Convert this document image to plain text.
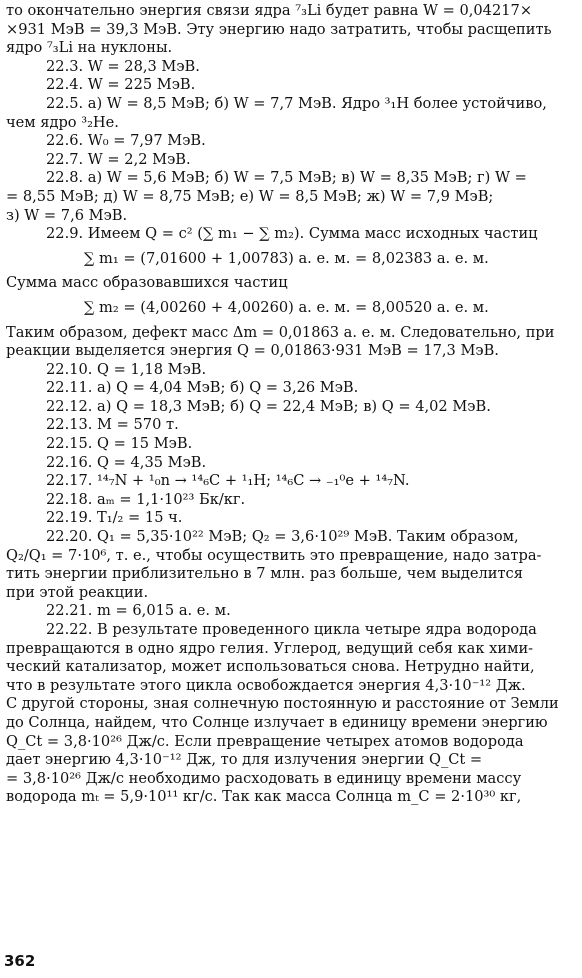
то окончательно энергия связи ядра ⁷₃Li будет равна W = 0,04217×
×931 МэВ = 39,3 МэВ. Эту энергию надо затратить, чтобы расщепить
ядро ⁷₃Li на нуклоны.
22.3. W = 28,3 МэВ.
22.4. W = 225 МэВ.
22.5. а) W = 8,5 МэВ; б) W = 7,7 МэВ. Ядро ³₁H более устойчиво,
чем ядро ³₂He.
22.6. W₀ = 7,97 МэВ.
22.7. W = 2,2 МэВ.
22.8. а) W = 5,6 МэВ; б) W = 7,5 МэВ; в) W = 8,35 МэВ; г) W =
= 8,55 МэВ; д) W = 8,75 МэВ; е) W = 8,5 МэВ; ж) W = 7,9 МэВ;
з) W = 7,6 МэВ.
22.9. Имеем Q = c² (∑ m₁ − ∑ m₂). Сумма масс исходных частиц
∑ m₁ = (7,01600 + 1,00783) а. е. м. = 8,02383 а. е. м.
Сумма масс образовавшихся частиц
∑ m₂ = (4,00260 + 4,00260) а. е. м. = 8,00520 а. е. м.
Таким образом, дефект масс Δm = 0,01863 а. е. м. Следовательно, при
реакции выделяется энергия Q = 0,01863·931 МэВ = 17,3 МэВ.
22.10. Q = 1,18 МэВ.
22.11. а) Q = 4,04 МэВ; б) Q = 3,26 МэВ.
22.12. а) Q = 18,3 МэВ; б) Q = 22,4 МэВ; в) Q = 4,02 МэВ.
22.13. M = 570 т.
22.15. Q = 15 МэВ.
22.16. Q = 4,35 МэВ.
22.17. ¹⁴₇N + ¹₀n → ¹⁴₆C + ¹₁H; ¹⁴₆C → ₋₁⁰e + ¹⁴₇N.
22.18. aₘ = 1,1·10²³ Бк/кг.
22.19. T₁/₂ = 15 ч.
22.20. Q₁ = 5,35·10²² МэВ; Q₂ = 3,6·10²⁹ МэВ. Таким образом,
Q₂/Q₁ = 7·10⁶, т. е., чтобы осуществить это превращение, надо затра-
тить энергии приблизительно в 7 млн. раз больше, чем выделится
при этой реакции.
22.21. m = 6,015 а. е. м.
22.22. В результате проведенного цикла четыре ядра водорода
превращаются в одно ядро гелия. Углерод, ведущий себя как хими-
ческий катализатор, может использоваться снова. Нетрудно найти,
что в результате этого цикла освобождается энергия 4,3·10⁻¹² Дж.
С другой стороны, зная солнечную постоянную и расстояние от Земли
до Солнца, найдем, что Солнце излучает в единицу времени энергию
Q_Ct = 3,8·10²⁶ Дж/с. Если превращение четырех атомов водорода
дает энергию 4,3·10⁻¹² Дж, то для излучения энергии Q_Ct =
= 3,8·10²⁶ Дж/с необходимо расходовать в единицу времени массу
водорода mₜ = 5,9·10¹¹ кг/с. Так как масса Солнца m_C = 2·10³⁰ кг,
362
